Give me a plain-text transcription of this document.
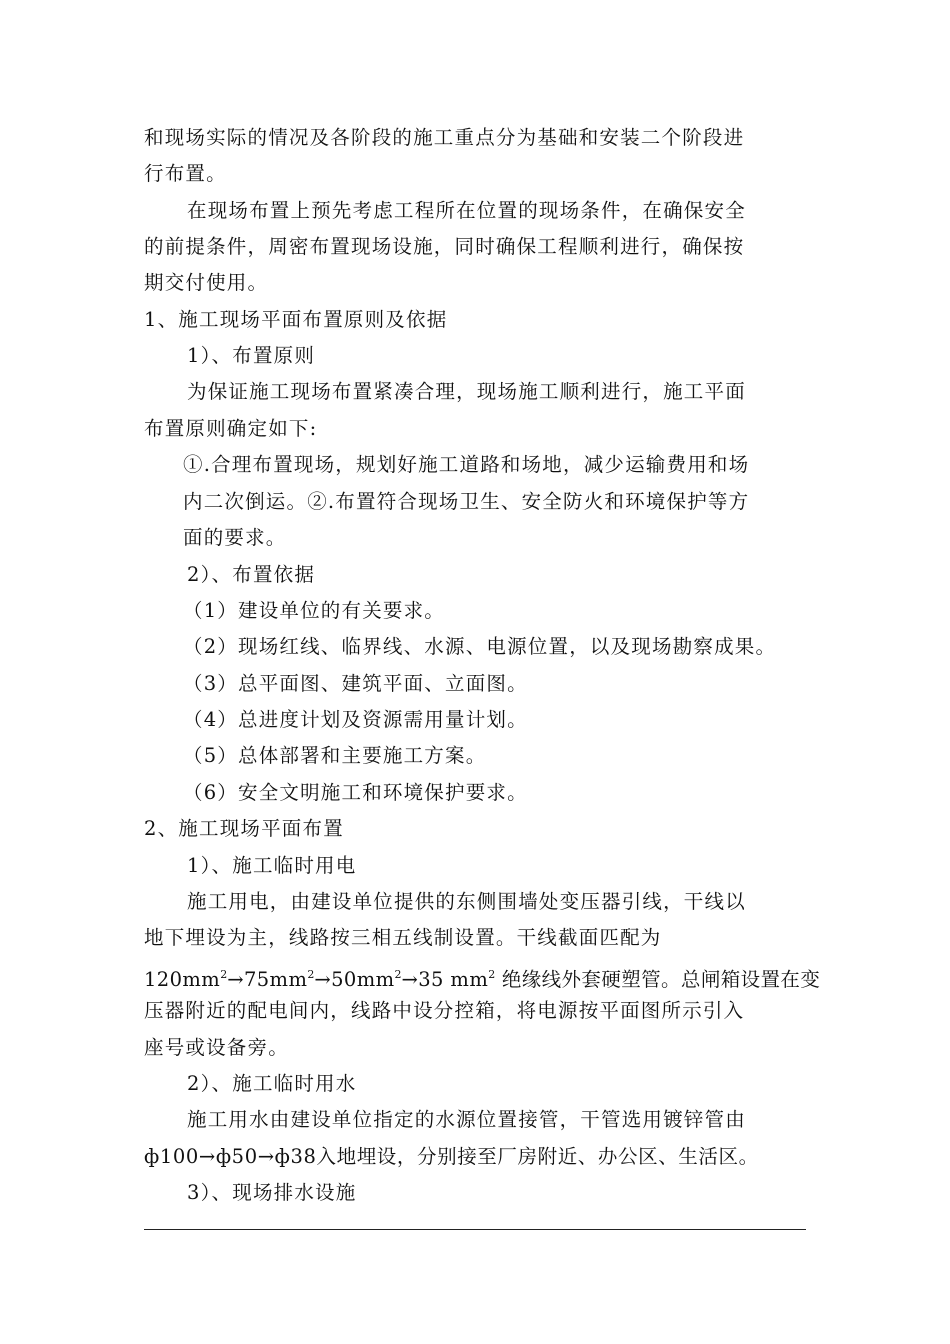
和现场实际的情况及各阶段的施工重点分为基础和安装二个阶段进
行布置。
在现场布置上预先考虑工程所在位置的现场条件，在确保安全
的前提条件，周密布置现场设施，同时确保工程顺利进行，确保按
期交付使用。
1、施工现场平面布置原则及依据
1）、布置原则
为保证施工现场布置紧凑合理，现场施工顺利进行，施工平面
布置原则确定如下:
①.合理布置现场，规划好施工道路和场地，减少运输费用和场
内二次倒运。②.布置符合现场卫生、安全防火和环境保护等方
面的要求。
2）、布置依据
（1）建设单位的有关要求。
（2）现场红线、临界线、水源、电源位置，以及现场勘察成果。
（3）总平面图、建筑平面、立面图。
（4）总进度计划及资源需用量计划。
（5）总体部署和主要施工方案。
（6）安全文明施工和环境保护要求。
2、施工现场平面布置
1）、施工临时用电
施工用电，由建设单位提供的东侧围墙处变压器引线，干线以
地下埋设为主，线路按三相五线制设置。干线截面匹配为
$120mm^2\to 75mm^2\to 50mm^2\to 35$ $mm^2$ 绝缘线外套硬塑管。总闸箱设置在变
压器附近的配电间内，线路中设分控箱，将电源按平面图所示引入
座号或设备旁。
2）、施工临时用水
施工用水由建设单位指定的水源位置接管，干管选用镀锌管由
ф100→ф50→ф38入地埋设，分别接至厂房附近、办公区、生活区。
3）、现场排水设施
